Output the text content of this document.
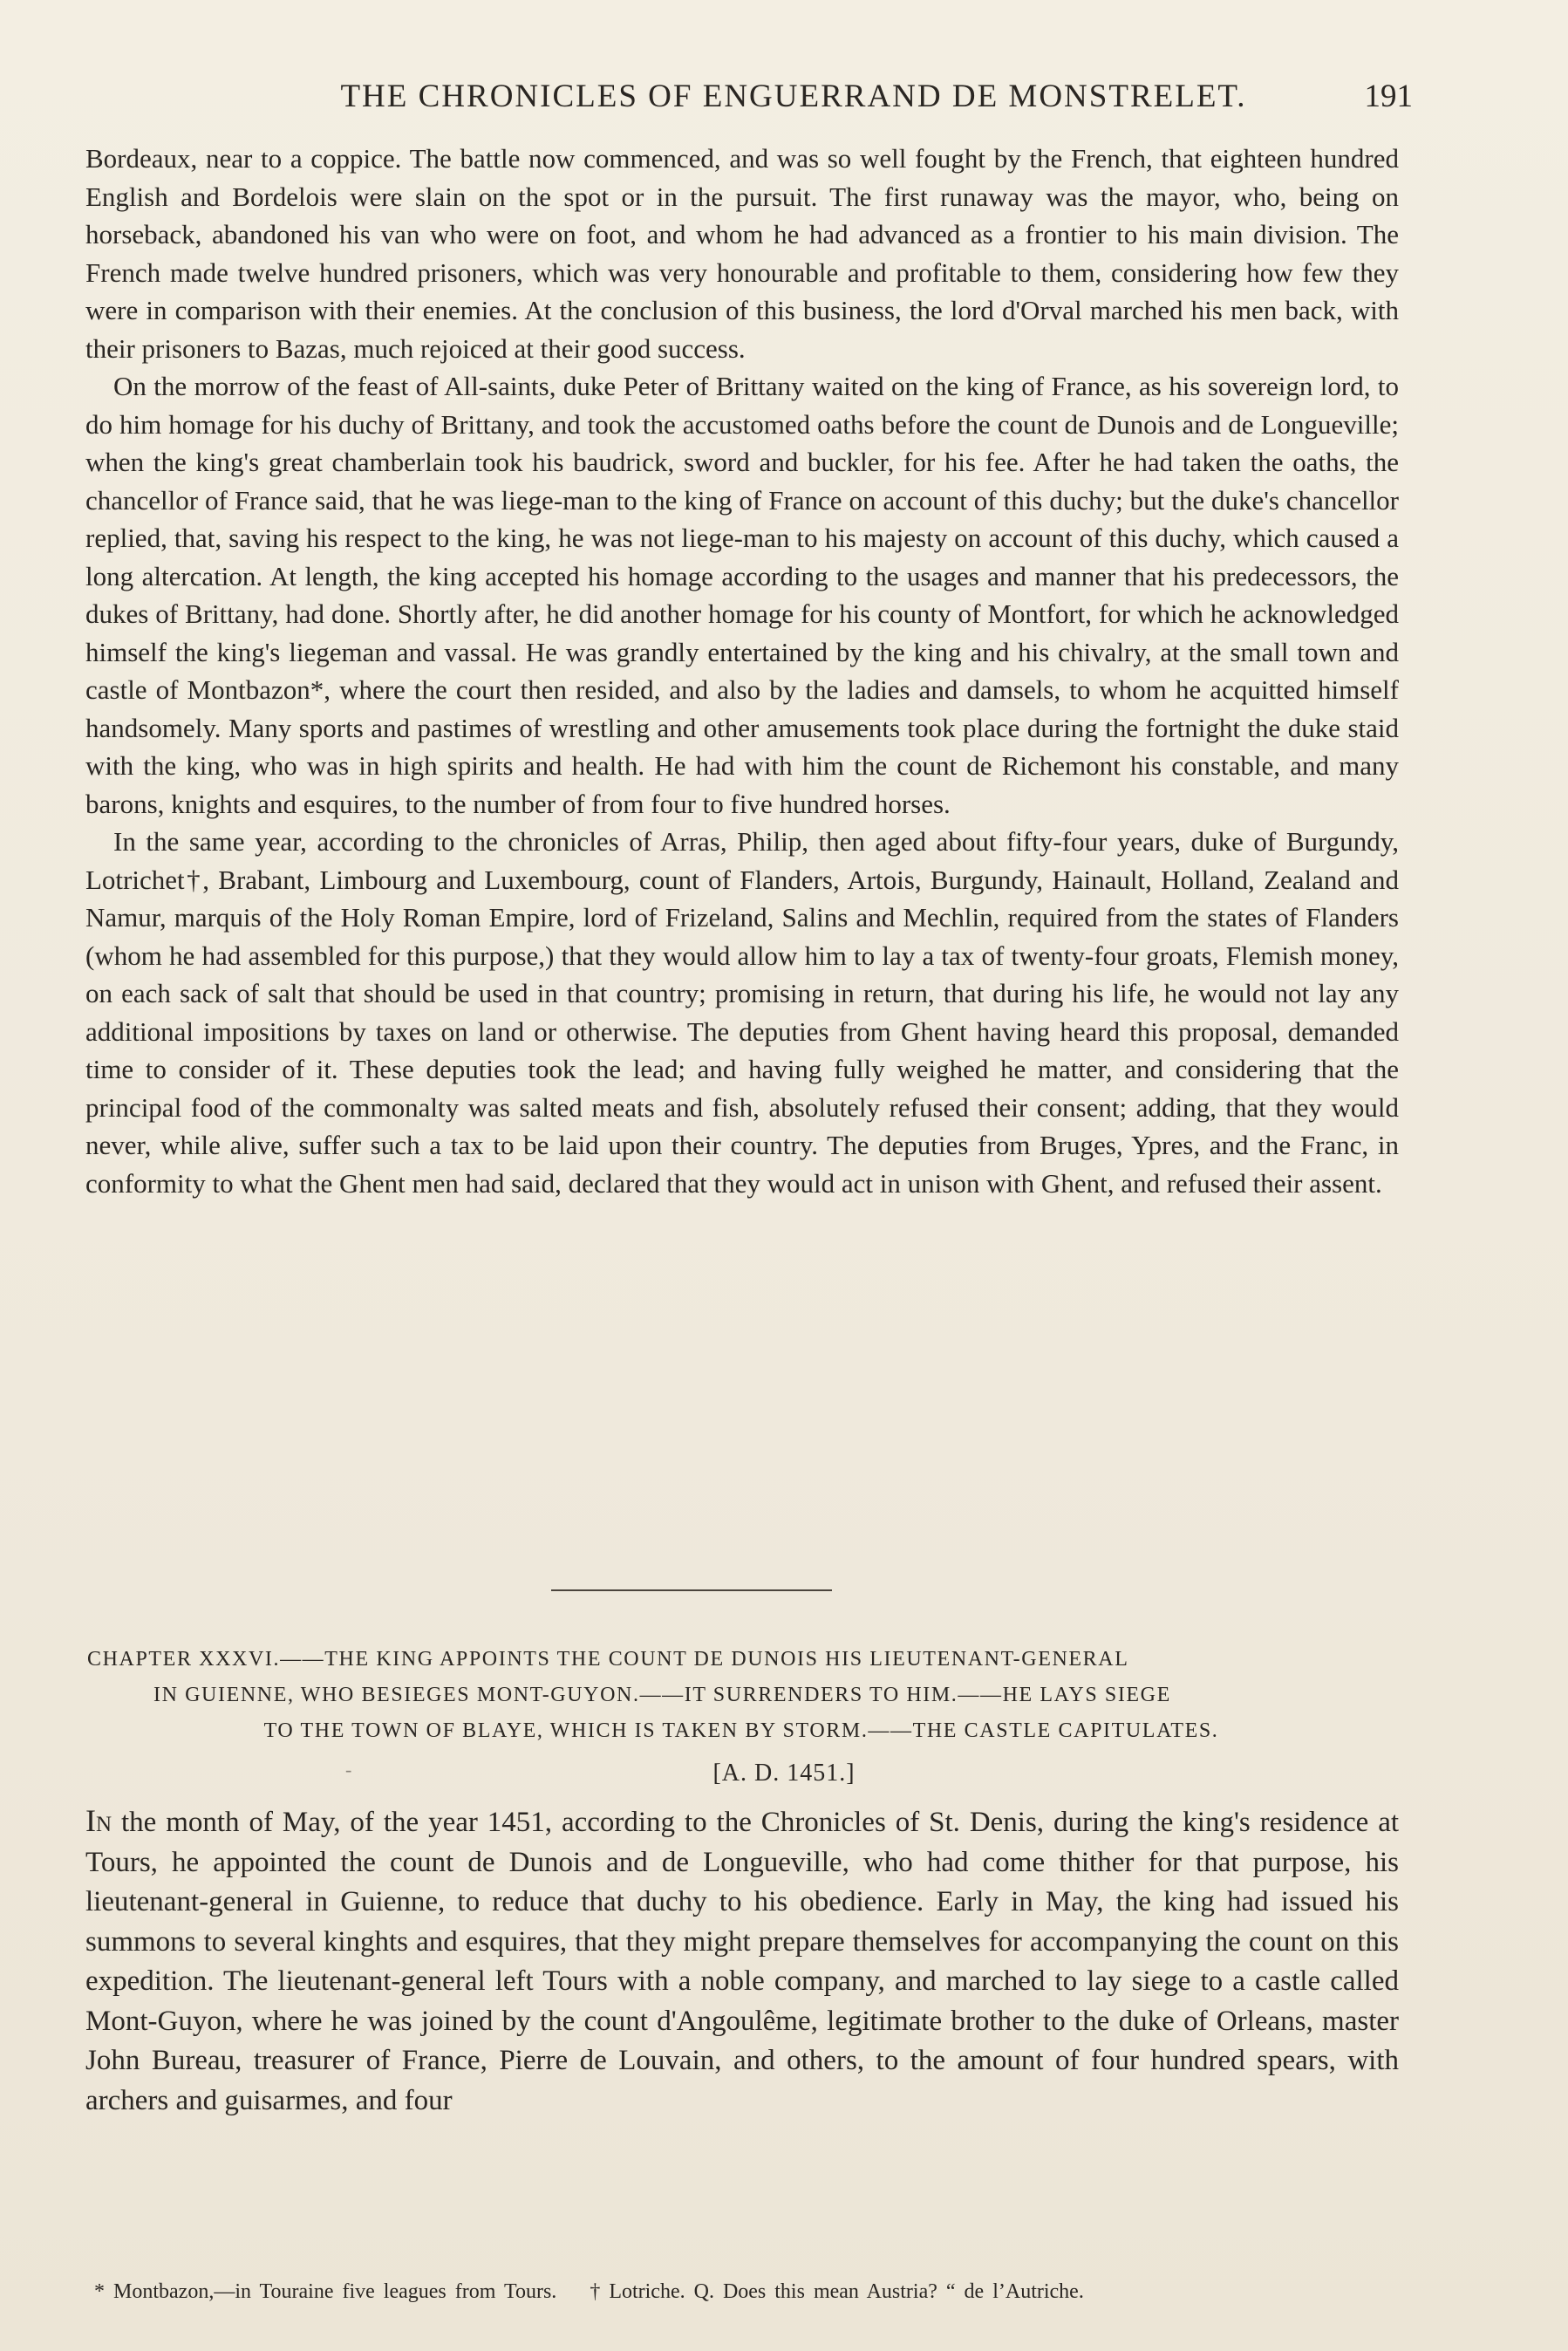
THE CHRONICLES OF ENGUERRAND DE MONSTRELET.	191

Bordeaux, near to a coppice. The battle now commenced, and was so well fought by the French, that eighteen hundred English and Bordelois were slain on the spot or in the pursuit. The first runaway was the mayor, who, being on horseback, abandoned his van who were on foot, and whom he had advanced as a frontier to his main division. The French made twelve hundred prisoners, which was very honourable and profitable to them, considering how few they were in comparison with their enemies. At the conclusion of this business, the lord d'Orval marched his men back, with their prisoners to Bazas, much rejoiced at their good success.

On the morrow of the feast of All-saints, duke Peter of Brittany waited on the king of France, as his sovereign lord, to do him homage for his duchy of Brittany, and took the accustomed oaths before the count de Dunois and de Longueville; when the king's great chamberlain took his baudrick, sword and buckler, for his fee. After he had taken the oaths, the chancellor of France said, that he was liege-man to the king of France on account of this duchy; but the duke's chancellor replied, that, saving his respect to the king, he was not liege-man to his majesty on account of this duchy, which caused a long altercation. At length, the king accepted his homage according to the usages and manner that his predecessors, the dukes of Brittany, had done. Shortly after, he did another homage for his county of Montfort, for which he acknowledged himself the king's liegeman and vassal. He was grandly entertained by the king and his chivalry, at the small town and castle of Montbazon*, where the court then resided, and also by the ladies and damsels, to whom he acquitted himself handsomely. Many sports and pastimes of wrestling and other amusements took place during the fortnight the duke staid with the king, who was in high spirits and health. He had with him the count de Richemont his constable, and many barons, knights and esquires, to the number of from four to five hundred horses.

In the same year, according to the chronicles of Arras, Philip, then aged about fifty-four years, duke of Burgundy, Lotrichet†, Brabant, Limbourg and Luxembourg, count of Flanders, Artois, Burgundy, Hainault, Holland, Zealand and Namur, marquis of the Holy Roman Empire, lord of Frizeland, Salins and Mechlin, required from the states of Flanders (whom he had assembled for this purpose,) that they would allow him to lay a tax of twenty-four groats, Flemish money, on each sack of salt that should be used in that country; promising in return, that during his life, he would not lay any additional impositions by taxes on land or otherwise. The deputies from Ghent having heard this proposal, demanded time to consider of it. These deputies took the lead; and having fully weighed he matter, and considering that the principal food of the commonalty was salted meats and fish, absolutely refused their consent; adding, that they would never, while alive, suffer such a tax to be laid upon their country. The deputies from Bruges, Ypres, and the Franc, in conformity to what the Ghent men had said, declared that they would act in unison with Ghent, and refused their assent.

CHAPTER XXXVI.——THE KING APPOINTS THE COUNT DE DUNOIS HIS LIEUTENANT-GENERAL
IN GUIENNE, WHO BESIEGES MONT-GUYON.——IT SURRENDERS TO HIM.——HE LAYS SIEGE
TO THE TOWN OF BLAYE, WHICH IS TAKEN BY STORM.——THE CASTLE CAPITULATES.
-	[A. D. 1451.]

In the month of May, of the year 1451, according to the Chronicles of St. Denis, during the king's residence at Tours, he appointed the count de Dunois and de Longueville, who had come thither for that purpose, his lieutenant-general in Guienne, to reduce that duchy to his obedience. Early in May, the king had issued his summons to several kinghts and esquires, that they might prepare themselves for accompanying the count on this expedition. The lieutenant-general left Tours with a noble company, and marched to lay siege to a castle called Mont-Guyon, where he was joined by the count d'Angoulême, legitimate brother to the duke of Orleans, master John Bureau, treasurer of France, Pierre de Louvain, and others, to the amount of four hundred spears, with archers and guisarmes, and four

* Montbazon,—in Touraine five leagues from Tours. † Lotriche. Q. Does this mean Austria? “ de l’Autriche.
